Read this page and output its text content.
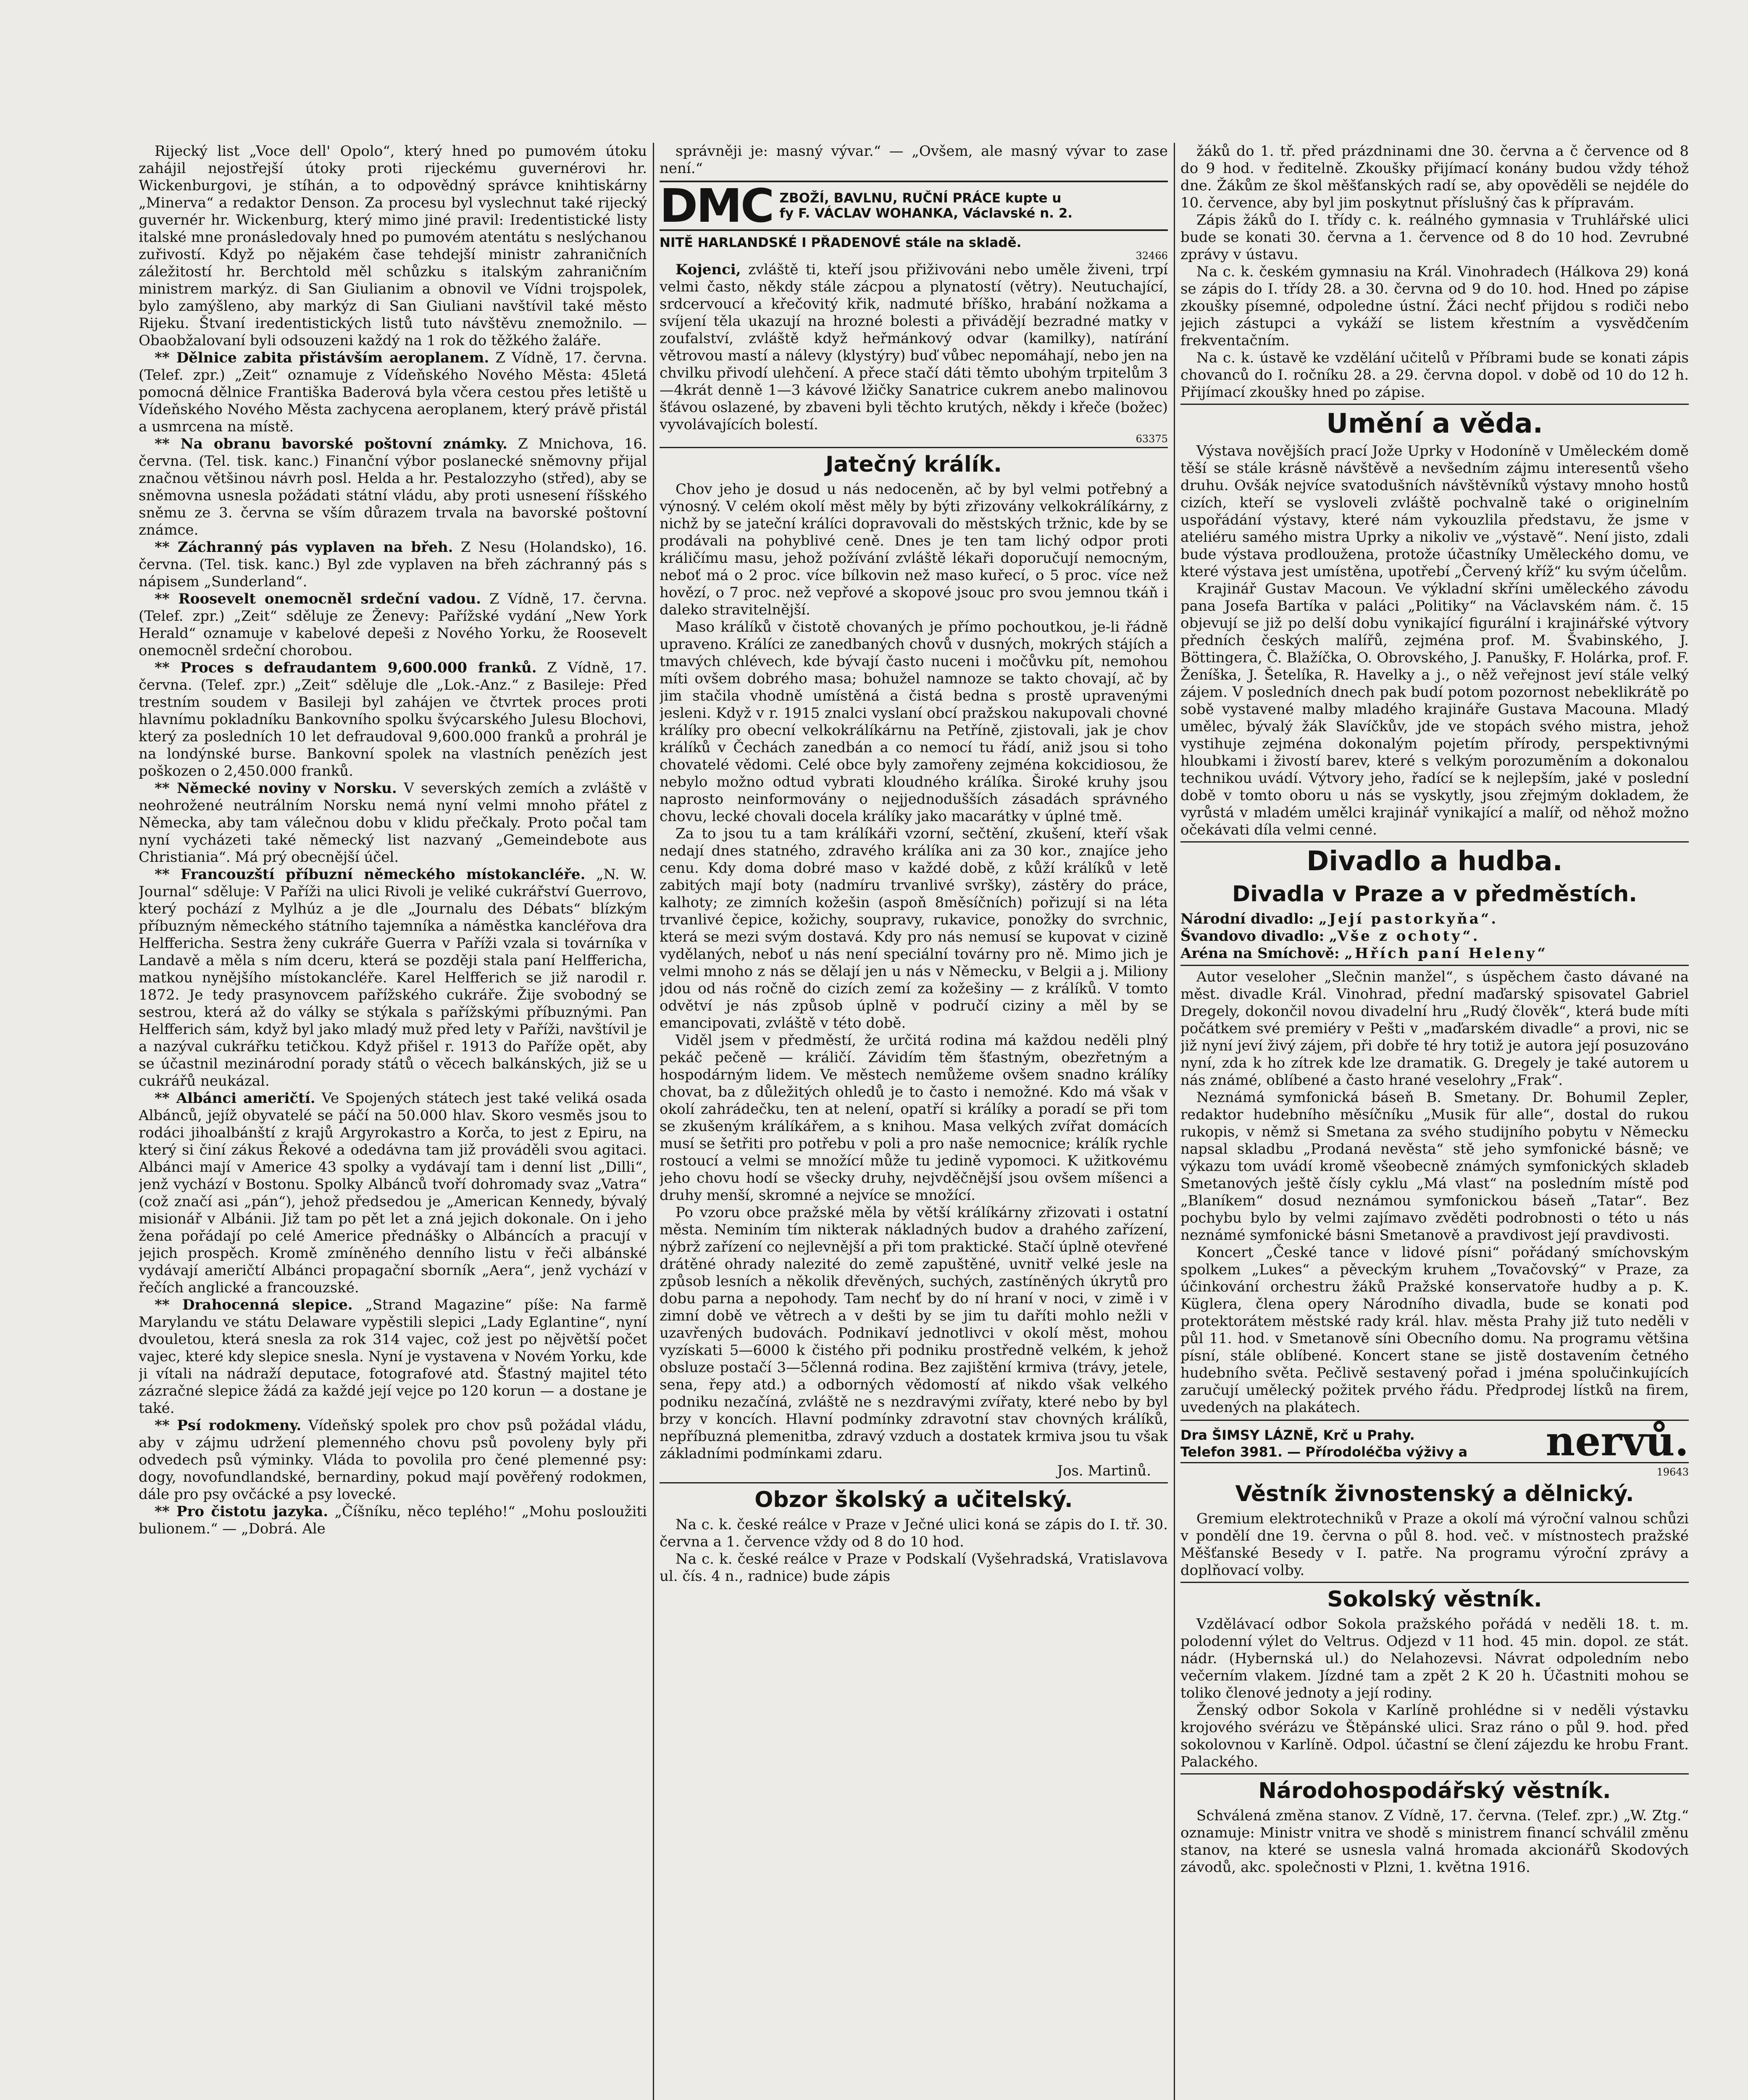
Rijecký list „Voce dell' Opolo“, který hned po pumovém útoku zahájil nejostřejší útoky proti rijeckému guvernérovi hr. Wickenburgovi, je stíhán, a to odpovědný správce knihtiskárny „Minerva“ a redaktor Denson. Za procesu byl vyslechnut také rijecký guvernér hr. Wickenburg, který mimo jiné pravil: Iredentistické listy italské mne pronásledovaly hned po pumovém atentátu s neslýchanou zuřivostí. Když po nějakém čase tehdejší ministr zahraničních záležitostí hr. Berchtold měl schůzku s italským zahraničním ministrem markýz. di San Giulianim a obnovil ve Vídni trojspolek, bylo zamýšleno, aby markýz di San Giuliani navštívil také město Rijeku. Štvaní iredentistických listů tuto návštěvu znemožnilo. — Obaobžalovaní byli odsouzeni každý na 1 rok do těžkého žaláře.

** Dělnice zabita přistávším aeroplanem. Z Vídně, 17. června. (Telef. zpr.) „Zeit“ oznamuje z Vídeňského Nového Města: 45letá pomocná dělnice Františka Baderová byla včera cestou přes letiště u Vídeňského Nového Města zachycena aeroplanem, který právě přistál a usmrcena na místě.

** Na obranu bavorské poštovní známky. Z Mnichova, 16. června. (Tel. tisk. kanc.) Finanční výbor poslanecké sněmovny přijal značnou většinou návrh posl. Helda a hr. Pestalozzyho (střed), aby se sněmovna usnesla požádati státní vládu, aby proti usnesení říšského sněmu ze 3. června se vším důrazem trvala na bavorské poštovní známce.

** Záchranný pás vyplaven na břeh. Z Nesu (Holandsko), 16. června. (Tel. tisk. kanc.) Byl zde vyplaven na břeh záchranný pás s nápisem „Sunderland“.

** Roosevelt onemocněl srdeční vadou. Z Vídně, 17. června. (Telef. zpr.) „Zeit“ sděluje ze Ženevy: Pařížské vydání „New York Herald“ oznamuje v kabelové depeši z Nového Yorku, že Roosevelt onemocněl srdeční chorobou.

** Proces s defraudantem 9,600.000 franků. Z Vídně, 17. června. (Telef. zpr.) „Zeit“ sděluje dle „Lok.-Anz.“ z Basileje: Před trestním soudem v Basileji byl zahájen ve čtvrtek proces proti hlavnímu pokladníku Bankovního spolku švýcarského Julesu Blochovi, který za posledních 10 let defraudoval 9,600.000 franků a prohrál je na londýnské burse. Bankovní spolek na vlastních penězích jest poškozen o 2,450.000 franků.

** Německé noviny v Norsku. V severských zemích a zvláště v neohrožené neutrálním Norsku nemá nyní velmi mnoho přátel z Německa, aby tam válečnou dobu v klidu přečkaly. Proto počal tam nyní vycházeti také německý list nazvaný „Gemeindebote aus Christiania“. Má prý obecnější účel.

** Francouzští příbuzní německého místokancléře. „N. W. Journal“ sděluje: V Paříži na ulici Rivoli je veliké cukrářství Guerrovo, který pochází z Mylhúz a je dle „Journalu des Débats“ blízkým příbuzným německého státního tajemníka a náměstka kancléřova dra Helffericha. Sestra ženy cukráře Guerra v Paříži vzala si továrníka v Landavě a měla s ním dceru, která se později stala paní Helffericha, matkou nynějšího místokancléře. Karel Helfferich se již narodil r. 1872. Je tedy prasynovcem pařížského cukráře. Žije svobodný se sestrou, která až do války se stýkala s pařížskými příbuznými. Pan Helfferich sám, když byl jako mladý muž před lety v Paříži, navštívil je a nazýval cukrářku tetičkou. Když přišel r. 1913 do Paříže opět, aby se účastnil mezinárodní porady států o věcech balkánských, již se u cukrářů neukázal.

** Albánci američtí. Ve Spojených státech jest také veliká osada Albánců, jejíž obyvatelé se páčí na 50.000 hlav. Skoro vesměs jsou to rodáci jihoalbánští z krajů Argyrokastro a Korča, to jest z Epiru, na který si činí zákus Řekové a odedávna tam již prováděli svou agitaci. Albánci mají v Americe 43 spolky a vydávají tam i denní list „Dilli“, jenž vychází v Bostonu. Spolky Albánců tvoří dohromady svaz „Vatra“ (což značí asi „pán“), jehož předsedou je „American Kennedy, bývalý misionář v Albánii. Již tam po pět let a zná jejich dokonale. On i jeho žena pořádají po celé Americe přednášky o Albáncích a pracují v jejich prospěch. Kromě zmíněného denního listu v řeči albánské vydávají američtí Albánci propagační sborník „Aera“, jenž vychází v řečích anglické a francouzské.

** Drahocenná slepice. „Strand Magazine“ píše: Na farmě Marylandu ve státu Delaware vypěstili slepici „Lady Eglantine“, nyní dvouletou, která snesla za rok 314 vajec, což jest po nějvětší počet vajec, které kdy slepice snesla. Nyní je vystavena v Novém Yorku, kde ji vítali na nádraží deputace, fotografové atd. Šťastný majitel této zázračné slepice žádá za každé její vejce po 120 korun — a dostane je také.

** Psí rodokmeny. Vídeňský spolek pro chov psů požádal vládu, aby v zájmu udržení plemenného chovu psů povoleny byly při odvedech psů výminky. Vláda to povolila pro čené plemenné psy: dogy, novofundlandské, bernardiny, pokud mají pověřený rodokmen, dále pro psy ovčácké a psy lovecké.

** Pro čistotu jazyka. „Číšníku, něco teplého!“ „Mohu posloužiti bulionem.“ — „Dobrá. Ale

správněji je: masný vývar.“ — „Ovšem, ale masný vývar to zase není.“

DMC ZBOŽÍ, BAVLNU, RUČNÍ PRÁCE kupte u
fy F. VÁCLAV WOHANKA, Václavské n. 2.
NITĚ HARLANDSKÉ I PŘADENOVÉ stále na skladě.
32466

Kojenci, zvláště ti, kteří jsou přiživováni nebo uměle živeni, trpí velmi často, někdy stále zácpou a plynatostí (větry). Neutuchající, srdcervoucí a křečovitý křik, nadmuté bříško, hrabání nožkama a svíjení těla ukazují na hrozné bolesti a přivádějí bezradné matky v zoufalství, zvláště když heřmánkový odvar (kamilky), natírání větrovou mastí a nálevy (klystýry) buď vůbec nepomáhají, nebo jen na chvilku přivodí ulehčení. A přece stačí dáti těmto ubohým trpitelům 3—4krát denně 1—3 kávové lžičky Sanatrice cukrem anebo malinovou šťávou oslazené, by zbaveni byli těchto krutých, někdy i křeče (božec) vyvolávajících bolestí.

63375
Jatečný králík.

Chov jeho je dosud u nás nedoceněn, ač by byl velmi potřebný a výnosný. V celém okolí měst měly by býti zřizovány velkokrálíkárny, z nichž by se jateční králíci dopravovali do městských tržnic, kde by se prodávali na pohyblivé ceně. Dnes je ten tam lichý odpor proti králičímu masu, jehož požívání zvláště lékaři doporučují nemocným, neboť má o 2 proc. více bílkovin než maso kuřecí, o 5 proc. více než hovězí, o 7 proc. než vepřové a skopové jsouc pro svou jemnou tkáň i daleko stravitelnější.

Maso králíků v čistotě chovaných je přímo pochoutkou, je-li řádně upraveno. Králíci ze zanedbaných chovů v dusných, mokrých stájích a tmavých chlévech, kde bývají často nuceni i močůvku pít, nemohou míti ovšem dobrého masa; bohužel namnoze se takto chovají, ač by jim stačila vhodně umístěná a čistá bedna s prostě upravenými jesleni. Když v r. 1915 znalci vyslaní obcí pražskou nakupovali chovné králíky pro obecní velkokrálíkárnu na Petříně, zjistovali, jak je chov králíků v Čechách zanedbán a co nemocí tu řádí, aniž jsou si toho chovatelé vědomi. Celé obce byly zamořeny zejména kokcidiosou, že nebylo možno odtud vybrati kloudného králíka. Široké kruhy jsou naprosto neinformovány o nejjednodušších zásadách správného chovu, lecké chovali docela králíky jako macarátky v úplné tmě.

Za to jsou tu a tam králíkáři vzorní, sečtění, zkušení, kteří však nedají dnes statného, zdravého králíka ani za 30 kor., znajíce jeho cenu. Kdy doma dobré maso v každé době, z kůží králíků v letě zabitých mají boty (nadmíru trvanlivé svršky), zástěry do práce, kalhoty; ze zimních kožešin (aspoň 8měsíčních) pořizují si na léta trvanlivé čepice, kožichy, soupravy, rukavice, ponožky do svrchnic, která se mezi svým dostavá. Kdy pro nás nemusí se kupovat v cizině vydělaných, neboť u nás není speciální továrny pro ně. Mimo jich je velmi mnoho z nás se dělají jen u nás v Německu, v Belgii a j. Miliony jdou od nás ročně do cizích zemí za kožešiny — z králíků. V tomto odvětví je nás způsob úplně v područí ciziny a měl by se emancipovati, zvláště v této době.

Viděl jsem v předměstí, že určitá rodina má každou neděli plný pekáč pečeně — králičí. Závidím těm šťastným, obezřetným a hospodárným lidem. Ve městech nemůžeme ovšem snadno králíky chovat, ba z důležitých ohledů je to často i nemožné. Kdo má však v okolí zahrádečku, ten at nelení, opatří si králíky a poradí se při tom se zkušeným králíkářem, a s knihou. Masa velkých zvířat domácích musí se šetřiti pro potřebu v poli a pro naše nemocnice; králík rychle rostoucí a velmi se množící může tu jedině vypomoci. K užitkovému jeho chovu hodí se všecky druhy, nejvděčnější jsou ovšem míšenci a druhy menší, skromné a nejvíce se množící.

Po vzoru obce pražské měla by větší králíkárny zřizovati i ostatní města. Neminím tím nikterak nákladných budov a drahého zařízení, nýbrž zařízení co nejlevnější a při tom praktické. Stačí úplně otevřené drátěné ohrady nalezité do země zapuštěné, uvnitř velké jesle na způsob lesních a několik dřevěných, suchých, zastíněných úkrytů pro dobu parna a nepohody. Tam nechť by do ní hraní v noci, v zimě i v zimní době ve větrech a v dešti by se jim tu daříti mohlo nežli v uzavřených budovách. Podnikaví jednotlivci v okolí měst, mohou vyzískati 5—6000 k čistého při podniku prostředně velkém, k jehož obsluze postačí 3—5členná rodina. Bez zajištění krmiva (trávy, jetele, sena, řepy atd.) a odborných vědomostí ať nikdo však velkého podniku nezačíná, zvláště ne s nezdravými zvířaty, které nebo by byl brzy v koncích. Hlavní podmínky zdravotní stav chovných králíků, nepříbuzná plemenitba, zdravý vzduch a dostatek krmiva jsou tu však základními podmínkami zdaru.

Jos. Martinů.
Obzor školský a učitelský.

Na c. k. české reálce v Praze v Ječné ulici koná se zápis do I. tř. 30. června a 1. července vždy od 8 do 10 hod.

Na c. k. české reálce v Praze v Podskalí (Vyšehradská, Vratislavova ul. čís. 4 n., radnice) bude zápis

žáků do 1. tř. před prázdninami dne 30. června a č července od 8 do 9 hod. v ředitelně. Zkoušky přijímací konány budou vždy téhož dne. Žákům ze škol měšťanských radí se, aby opověděli se nejdéle do 10. července, aby byl jim poskytnut příslušný čas k přípravám.

Zápis žáků do I. třídy c. k. reálného gymnasia v Truhlářské ulici bude se konati 30. června a 1. července od 8 do 10 hod. Zevrubné zprávy v ústavu.

Na c. k. českém gymnasiu na Král. Vinohradech (Hálkova 29) koná se zápis do I. třídy 28. a 30. června od 9 do 10. hod. Hned po zápise zkoušky písemné, odpoledne ústní. Žáci nechť přijdou s rodiči nebo jejich zástupci a vykáží se listem křestním a vysvědčením frekventačním.

Na c. k. ústavě ke vzdělání učitelů v Příbrami bude se konati zápis chovanců do I. ročníku 28. a 29. června dopol. v době od 10 do 12 h. Přijímací zkoušky hned po zápise.

Umění a věda.

Výstava novějších prací Jože Uprky v Hodoníně v Uměleckém domě těší se stále krásně návštěvě a nevšedním zájmu interesentů všeho druhu. Ovšák nejvíce svatodušních návštěvníků výstavy mnoho hostů cizích, kteří se vysloveli zvláště pochvalně také o originelním uspořádání výstavy, které nám vykouzlila představu, že jsme v ateliéru samého mistra Uprky a nikoliv ve „výstavě“. Není jisto, zdali bude výstava prodloužena, protože účastníky Uměleckého domu, ve které výstava jest umístěna, upotřebí „Červený kříž“ ku svým účelům.

Krajinář Gustav Macoun. Ve výkladní skříni uměleckého závodu pana Josefa Bartíka v paláci „Politiky“ na Václavském nám. č. 15 objevují se již po delší dobu vynikající figurální i krajinářské výtvory předních českých malířů, zejména prof. M. Švabinského, J. Böttingera, Č. Blažíčka, O. Obrovského, J. Panušky, F. Holárka, prof. F. Ženíška, J. Šetelíka, R. Havelky a j., o něž veřejnost jeví stále velký zájem. V posledních dnech pak budí potom pozornost nebeklikrátě po sobě vystavené malby mladého krajináře Gustava Macouna. Mladý umělec, bývalý žák Slavíčkův, jde ve stopách svého mistra, jehož vystihuje zejména dokonalým pojetím přírody, perspektivnými hloubkami i živostí barev, které s velkým porozuměním a dokonalou technikou uvádí. Výtvory jeho, řadící se k nejlepším, jaké v poslední době v tomto oboru u nás se vyskytly, jsou zřejmým dokladem, že vyrůstá v mladém umělci krajinář vynikající a malíř, od něhož možno očekávati díla velmi cenné.

Divadlo a hudba.
Divadla v Praze a v předměstích.

Národní divadlo: „Její pastorkyňa“.

Švandovo divadlo: „Vše z ochoty“.

Aréna na Smíchově: „Hřích paní Heleny“

Autor veseloher „Slečnin manžel“, s úspěchem často dávané na měst. divadle Král. Vinohrad, přední maďarský spisovatel Gabriel Dregely, dokončil novou divadelní hru „Rudý člověk“, která bude míti počátkem své premiéry v Pešti v „maďarském divadle“ a provi, nic se již nyní jeví živý zájem, při dobře té hry totiž je autora její posuzováno nyní, zda k ho zítrek kde lze dramatik. G. Dregely je také autorem u nás známé, oblíbené a často hrané veselohry „Frak“.

Neznámá symfonická báseň B. Smetany. Dr. Bohumil Zepler, redaktor hudebního měsíčníku „Musik für alle“, dostal do rukou rukopis, v němž si Smetana za svého studijního pobytu v Německu napsal skladbu „Prodaná nevěsta“ stě jeho symfonické básně; ve výkazu tom uvádí kromě všeobecně známých symfonických skladeb Smetanových ještě čísly cyklu „Má vlast“ na posledním místě pod „Blaníkem“ dosud neznámou symfonickou báseň „Tatar“. Bez pochybu bylo by velmi zajímavo zvěděti podrobnosti o této u nás neznámé symfonické básni Smetanově a pravdivost její pravdivosti.

Koncert „České tance v lidové písni“ pořádaný smíchovským spolkem „Lukes“ a pěveckým kruhem „Tovačovský“ v Praze, za účinkování orchestru žáků Pražské konservatoře hudby a p. K. Küglera, člena opery Národního divadla, bude se konati pod protektorátem městské rady král. hlav. města Prahy již tuto neděli v půl 11. hod. v Smetanově síni Obecního domu. Na programu většina písní, stále oblíbené. Koncert stane se jistě dostavením četného hudebního světa. Pečlivě sestavený pořad i jména spolučinkujících zaručují umělecký požitek prvého řádu. Předprodej lístků na firem, uvedených na plakátech.

Dra ŠIMSY LÁZNĚ, Krč u Prahy.
Telefon 3981. — Přírodoléčba výživy a nervů.
19643
Věstník živnostenský a dělnický.

Gremium elektrotechniků v Praze a okolí má výroční valnou schůzi v pondělí dne 19. června o půl 8. hod. več. v místnostech pražské Měšťanské Besedy v I. patře. Na programu výroční zprávy a doplňovací volby.

Sokolský věstník.

Vzdělávací odbor Sokola pražského pořádá v neděli 18. t. m. polodenní výlet do Veltrus. Odjezd v 11 hod. 45 min. dopol. ze stát. nádr. (Hybernská ul.) do Nelahozevsi. Návrat odpoledním nebo večerním vlakem. Jízdné tam a zpět 2 K 20 h. Účastniti mohou se toliko členové jednoty a její rodiny.

Ženský odbor Sokola v Karlíně prohlédne si v neděli výstavku krojového svérázu ve Štěpánské ulici. Sraz ráno o půl 9. hod. před sokolovnou v Karlíně. Odpol. účastní se člení zájezdu ke hrobu Frant. Palackého.

Národohospodářský věstník.

Schválená změna stanov. Z Vídně, 17. června. (Telef. zpr.) „W. Ztg.“ oznamuje: Ministr vnitra ve shodě s ministrem financí schválil změnu stanov, na které se usnesla valná hromada akcionářů Skodových závodů, akc. společnosti v Plzni, 1. května 1916.
